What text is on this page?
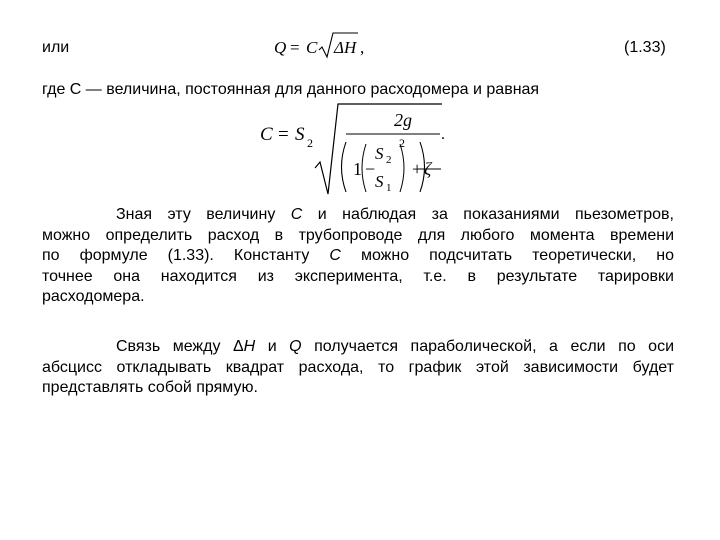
или	Q = C ΔH ,	(1.33)
где C — величина, постоянная для данного расходомера и равная
C = S 2
2g
1 −
S 2
S 1
2
+ ζ
.
Зная эту величину C и наблюдая за показаниями пьезометров,
можно определить расход в трубопроводе для любого момента времени
по формуле (1.33). Константу C можно подсчитать теоретически, но
точнее она находится из эксперимента, т.е. в результате тарировки
расходомера.
Связь между ΔH и Q получается параболической, а если по оси
абсцисс откладывать квадрат расхода, то график этой зависимости будет
представлять собой прямую.
